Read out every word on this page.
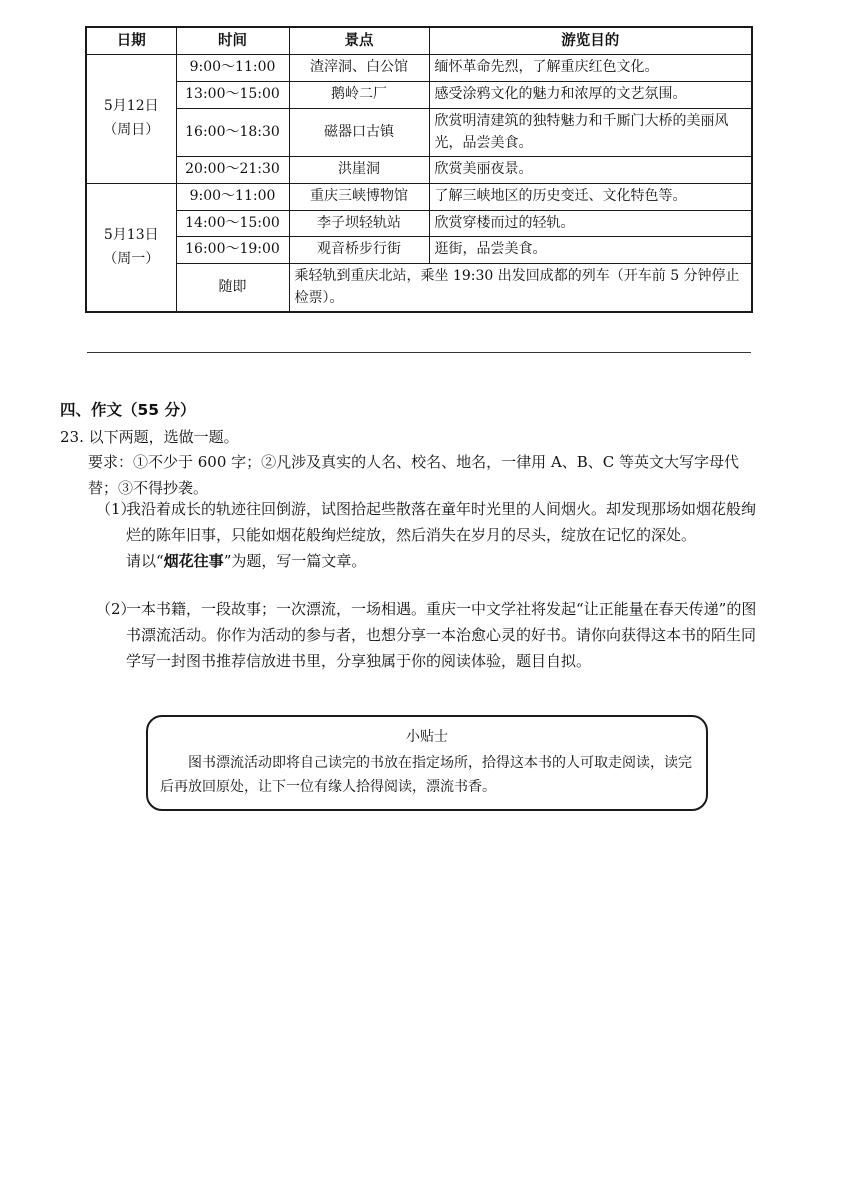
日期	时间	景点	游览目的

5月12日
（周日）	9:00～11:00	渣滓洞、白公馆	缅怀革命先烈，了解重庆红色文化。
	13:00～15:00	鹅岭二厂	感受涂鸦文化的魅力和浓厚的文艺氛围。
	16:00～18:30	磁器口古镇	欣赏明清建筑的独特魅力和千厮门大桥的美丽风光，品尝美食。
	20:00～21:30	洪崖洞	欣赏美丽夜景。

5月13日
（周一）	9:00～11:00	重庆三峡博物馆	了解三峡地区的历史变迁、文化特色等。
	14:00～15:00	李子坝轻轨站	欣赏穿楼而过的轻轨。
	16:00～19:00	观音桥步行街	逛街，品尝美食。
	随即	乘轻轨到重庆北站，乘坐 19:30 出发回成都的列车（开车前 5 分钟停止检票）。	
四、作文（55 分）
23. 以下两题，选做一题。
要求：①不少于 600 字；②凡涉及真实的人名、校名、地名，一律用 A、B、C 等英文大写字母代替；③不得抄袭。
（1）

我沿着成长的轨迹往回倒游，试图拾起些散落在童年时光里的人间烟火。却发现那场如烟花般绚烂的陈年旧事，只能如烟花般绚烂绽放，然后消失在岁月的尽头，绽放在记忆的深处。

请以“烟花往事”为题，写一篇文章。

（2）

一本书籍，一段故事；一次漂流，一场相遇。重庆一中文学社将发起“让正能量在春天传递”的图书漂流活动。你作为活动的参与者，也想分享一本治愈心灵的好书。请你向获得这本书的陌生同学写一封图书推荐信放进书里，分享独属于你的阅读体验，题目自拟。

小贴士
图书漂流活动即将自己读完的书放在指定场所，拾得这本书的人可取走阅读，读完后再放回原处，让下一位有缘人拾得阅读，漂流书香。
